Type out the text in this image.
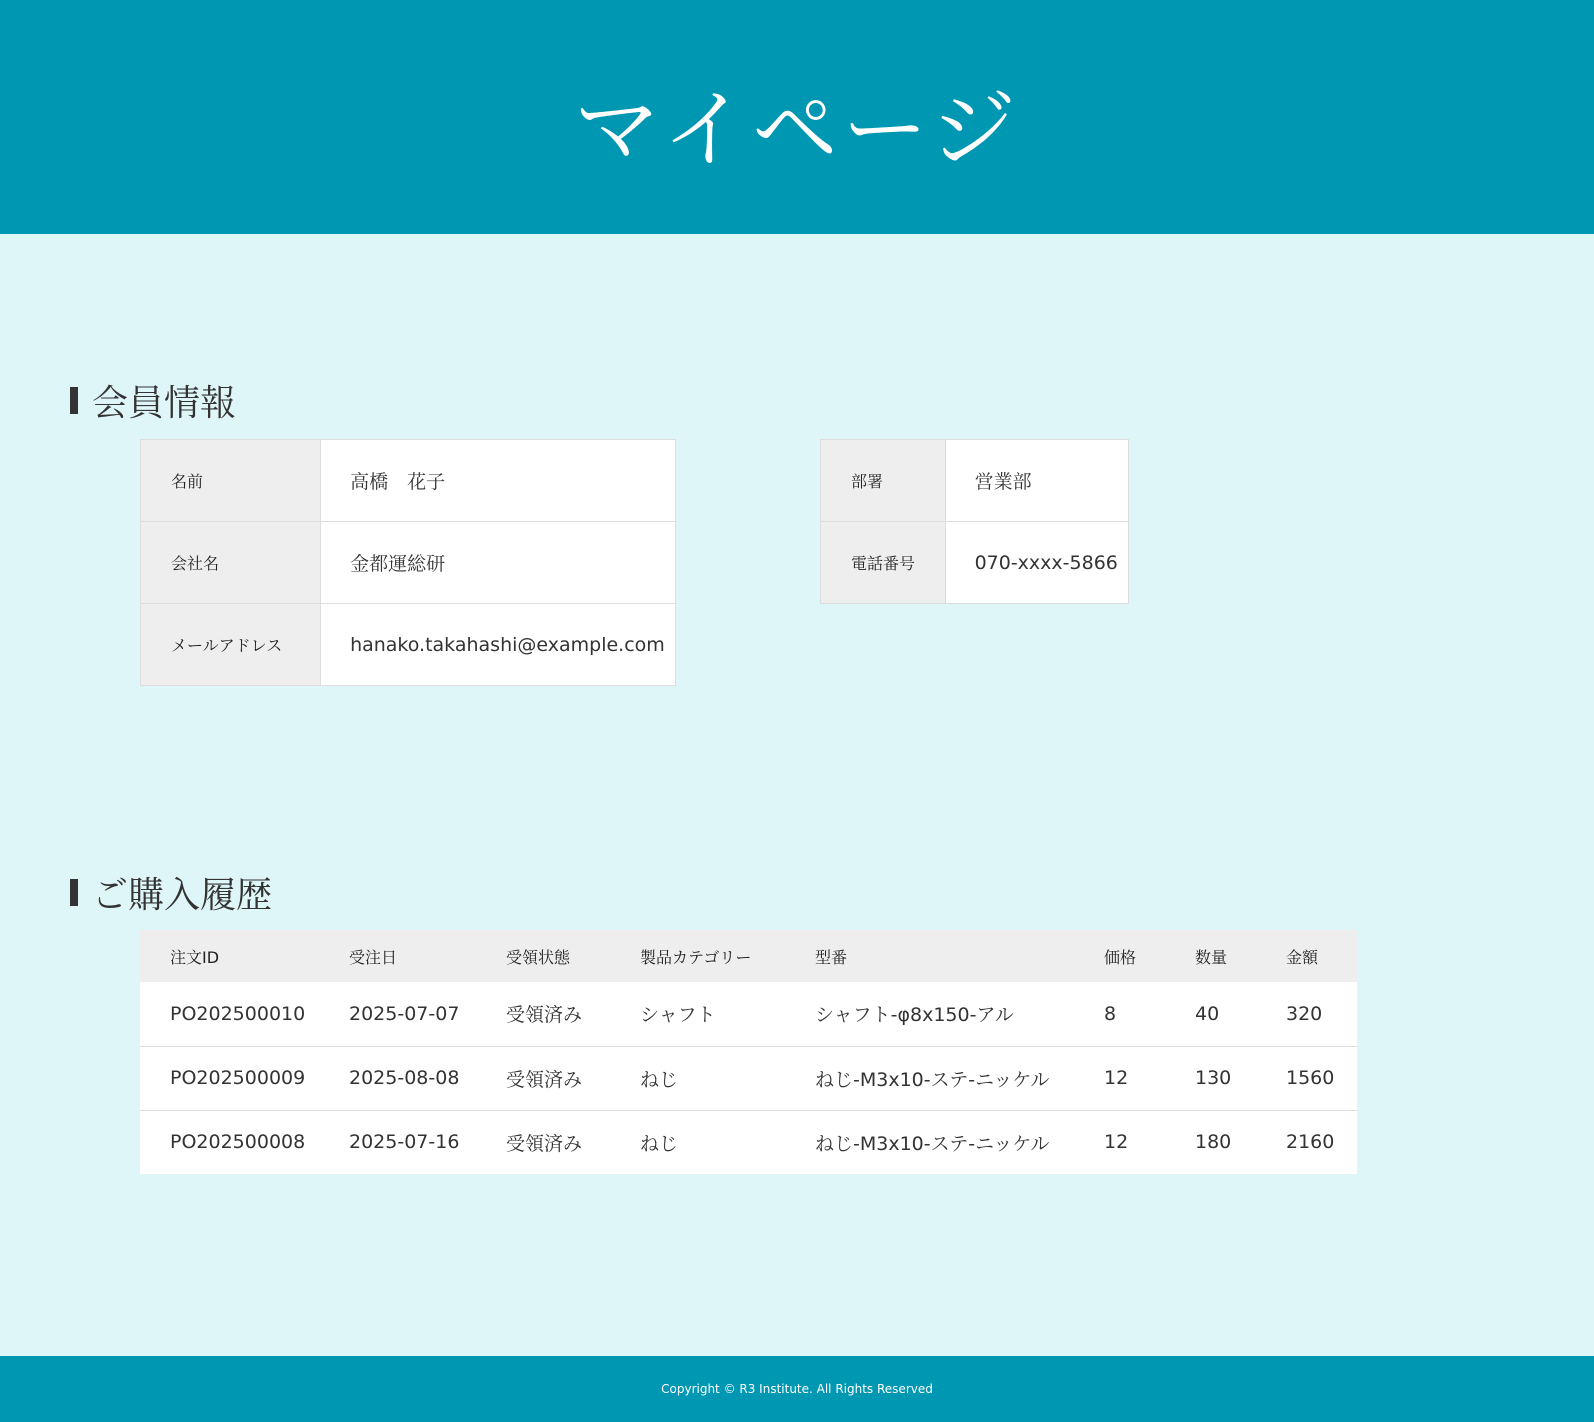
マイページ
会員情報
名前	高橋　花子
会社名	金都運総研
メールアドレス	hanako.takahashi@example.com
部署	営業部
電話番号	070-xxxx-5866
ご購入履歴
注文ID	受注日	受領状態	製品カテゴリー	型番	価格	数量	金額
PO202500010	2025-07-07	受領済み	シャフト	シャフト-φ8x150-アル	8	40	320
PO202500009	2025-08-08	受領済み	ねじ	ねじ-M3x10-ステ-ニッケル	12	130	1560
PO202500008	2025-07-16	受領済み	ねじ	ねじ-M3x10-ステ-ニッケル	12	180	2160
Copyright © R3 Institute. All Rights Reserved
